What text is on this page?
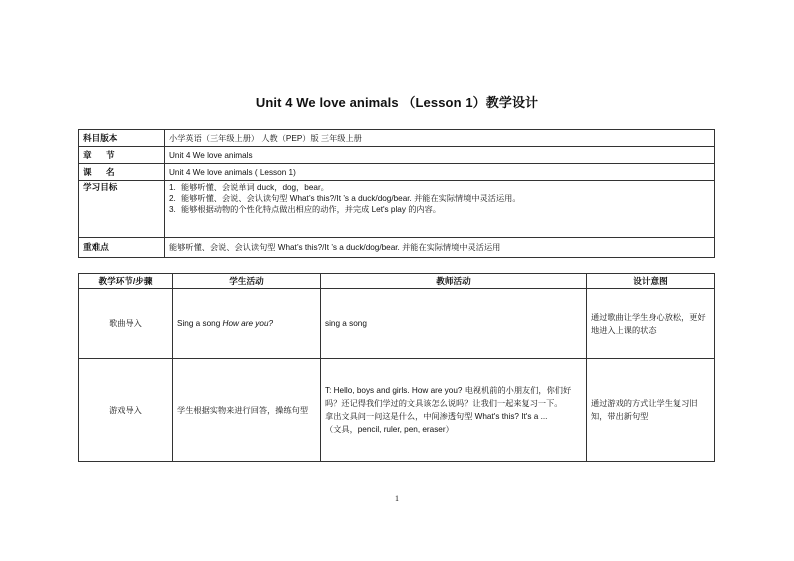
Unit 4 We love animals （Lesson 1）教学设计
科目版本	小学英语（三年级上册） 人教（PEP）版 三年级上册
章 节	Unit 4 We love animals
课 名	Unit 4 We love animals ( Lesson 1)
学习目标	1. 能够听懂、会说单词 duck，dog，bear。
2. 能够听懂、会说、会认读句型 What’s this?/It ’s a duck/dog/bear. 并能在实际情境中灵活运用。
3. 能够根据动物的个性化特点做出相应的动作，并完成 Let's play 的内容。

重难点	能够听懂、会说、会认读句型 What’s this?/It ’s a duck/dog/bear. 并能在实际情境中灵活运用
教学环节/步骤	学生活动	教师活动	设计意图
歌曲导入	Sing a song How are you?	sing a song	通过歌曲让学生身心放松，更好地进入上课的状态
游戏导入	学生根据实物来进行回答，操练句型	T: Hello, boys and girls. How are you? 电视机前的小朋友们，你们好吗？还记得我们学过的文具该怎么说吗？让我们一起来复习一下。
拿出文具问一问这是什么，中间渗透句型 What's this? It's a ...
（文具，pencil, ruler, pen, eraser）	通过游戏的方式让学生复习旧知，带出新句型
1
